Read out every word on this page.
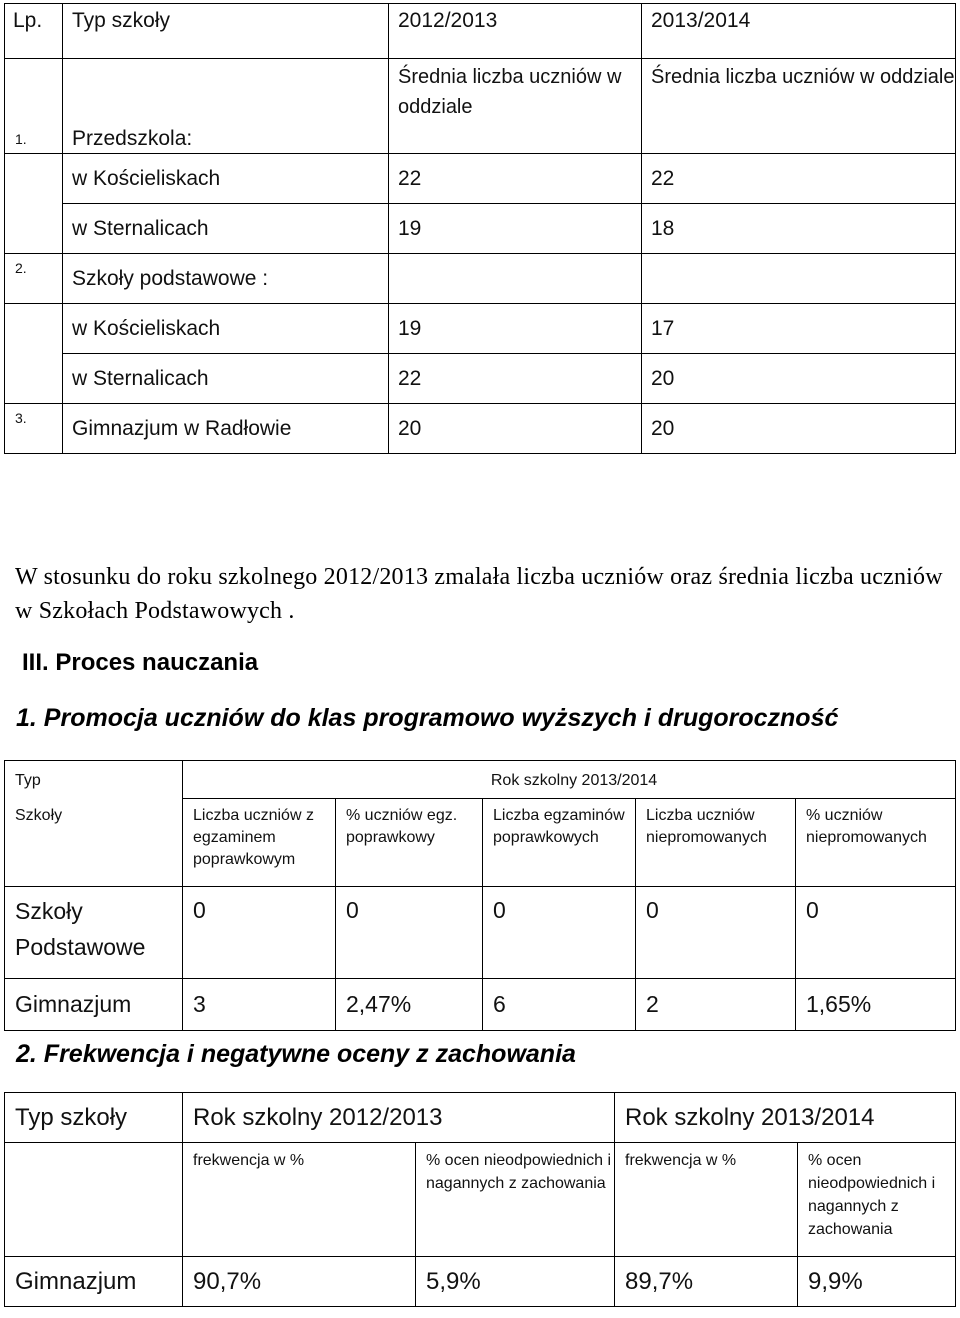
Lp.	Typ szkoły	2012/2013	2013/2014
1.	Przedszkola:	Średnia liczba uczniów w oddziale	Średnia liczba uczniów w oddziale
	w Kościeliskach	22	22
	w Sternalicach	19	18
2.	Szkoły podstawowe :		
	w Kościeliskach	19	17
	w Sternalicach	22	20
3.	Gimnazjum w Radłowie	20	20
W stosunku do roku szkolnego 2012/2013 zmalała liczba uczniów oraz średnia liczba uczniów w Szkołach Podstawowych .
III. Proces nauczania
1. Promocja uczniów do klas programowo wyższych i drugoroczność
Typ	Rok szkolny 2013/2014				
Szkoły	Liczba uczniów z egzaminem poprawkowym	% uczniów egz. poprawkowy	Liczba egzaminów poprawkowych	Liczba uczniów niepromowanych	% uczniów niepromowanych
Szkoły Podstawowe	0	0	0	0	0
Gimnazjum	3	2,47%	6	2	1,65%
2. Frekwencja i negatywne oceny z zachowania
Typ szkoły	Rok szkolny 2012/2013		Rok szkolny 2013/2014	
	frekwencja w %	% ocen nieodpowiednich i nagannych z zachowania	frekwencja w %	% ocen nieodpowiednich i nagannych z zachowania
Gimnazjum	90,7%	5,9%	89,7%	9,9%
